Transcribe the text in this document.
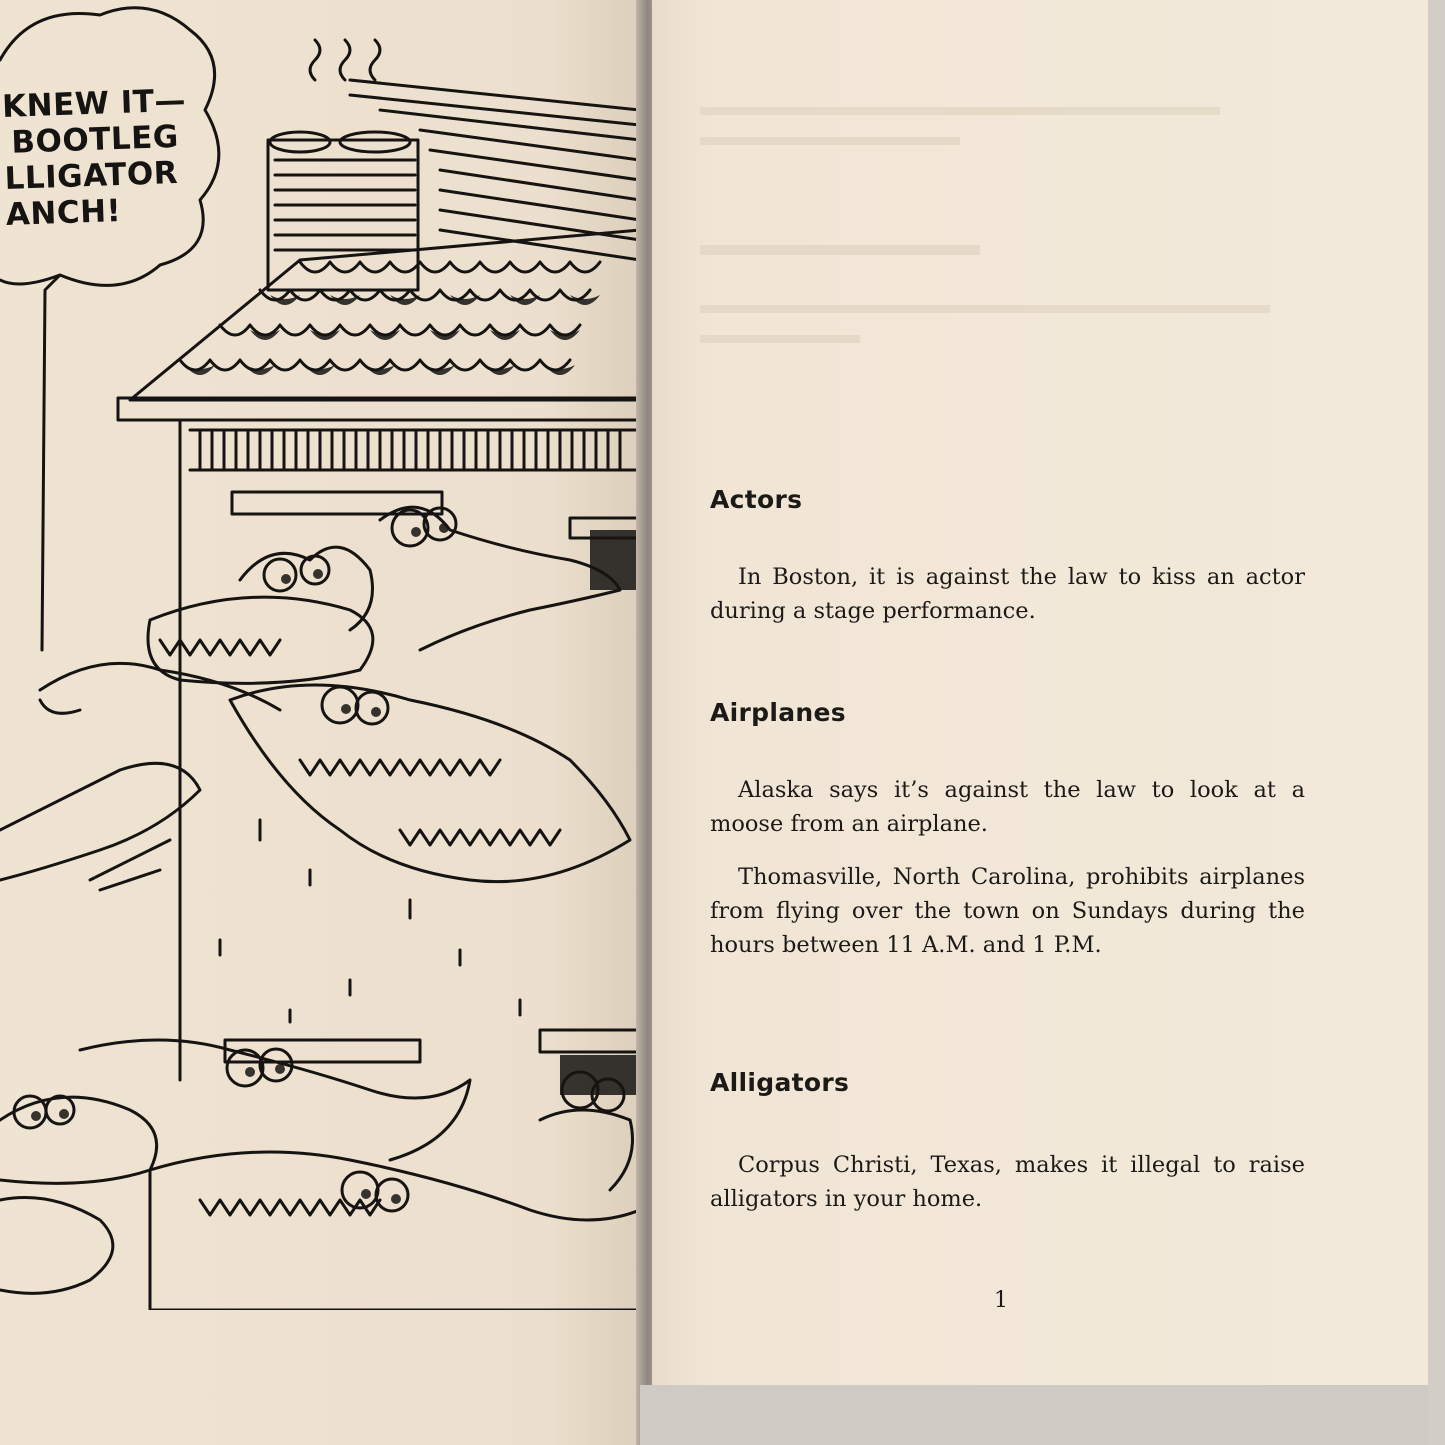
KNEW IT—
BOOTLEG
LLIGATOR
ANCH!
Actors

In Boston, it is against the law to kiss an actor during a stage performance.

Airplanes

Alaska says it’s against the law to look at a moose from an airplane.

Thomasville, North Carolina, prohibits airplanes from flying over the town on Sundays during the hours between 11 A.M. and 1 P.M.

Alligators

Corpus Christi, Texas, makes it illegal to raise alligators in your home.

1
